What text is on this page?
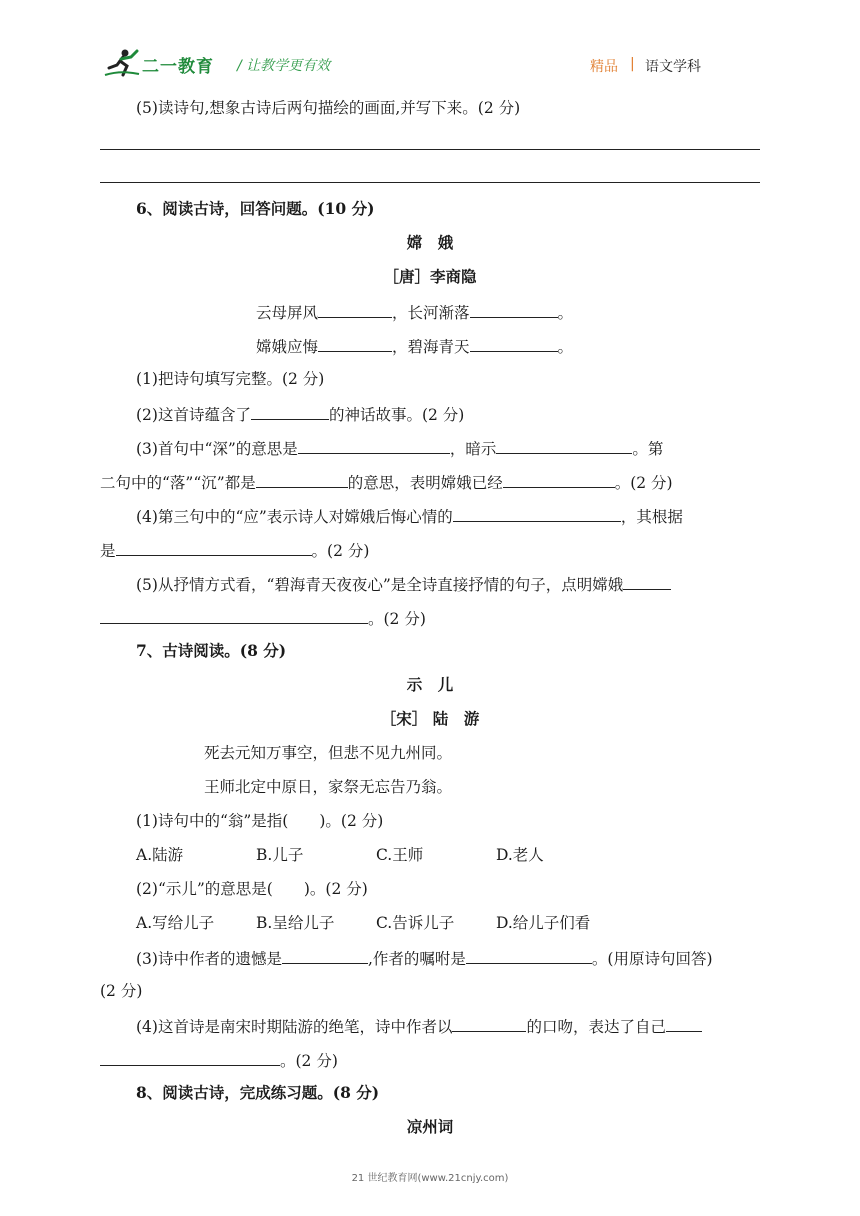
二一教育 / 让教学更有效	精品 | 语文学科
(5)读诗句,想象古诗后两句描绘的画面,并写下来。(2 分)
6、阅读古诗，回答问题。(10 分)
嫦　娥
［唐］李商隐
云母屏风	，长河渐落	。
嫦娥应悔	，碧海青天	。
(1)把诗句填写完整。(2 分)
(2)这首诗蕴含了	的神话故事。(2 分)
(3)首句中“深”的意思是	，暗示	。第
二句中的“落”“沉”都是	的意思，表明嫦娥已经	。(2 分)
(4)第三句中的“应”表示诗人对嫦娥后悔心情的	，其根据
是	。(2 分)
(5)从抒情方式看，“碧海青天夜夜心”是全诗直接抒情的句子，点明嫦娥
。(2 分)
7、古诗阅读。(8 分)
示　儿
［宋］ 陆　游
死去元知万事空，但悲不见九州同。
王师北定中原日，家祭无忘告乃翁。
(1)诗句中的“翁”是指(　　)。(2 分)
A.陆游	B.儿子	C.王师	D.老人
(2)“示儿”的意思是(　　)。(2 分)
A.写给儿子	B.呈给儿子	C.告诉儿子	D.给儿子们看
(3)诗中作者的遗憾是	,作者的嘱咐是	。(用原诗句回答)
(2 分)
(4)这首诗是南宋时期陆游的绝笔，诗中作者以	的口吻，表达了自己
。(2 分)
8、阅读古诗，完成练习题。(8 分)
凉州词
21 世纪教育网(www.21cnjy.com)
